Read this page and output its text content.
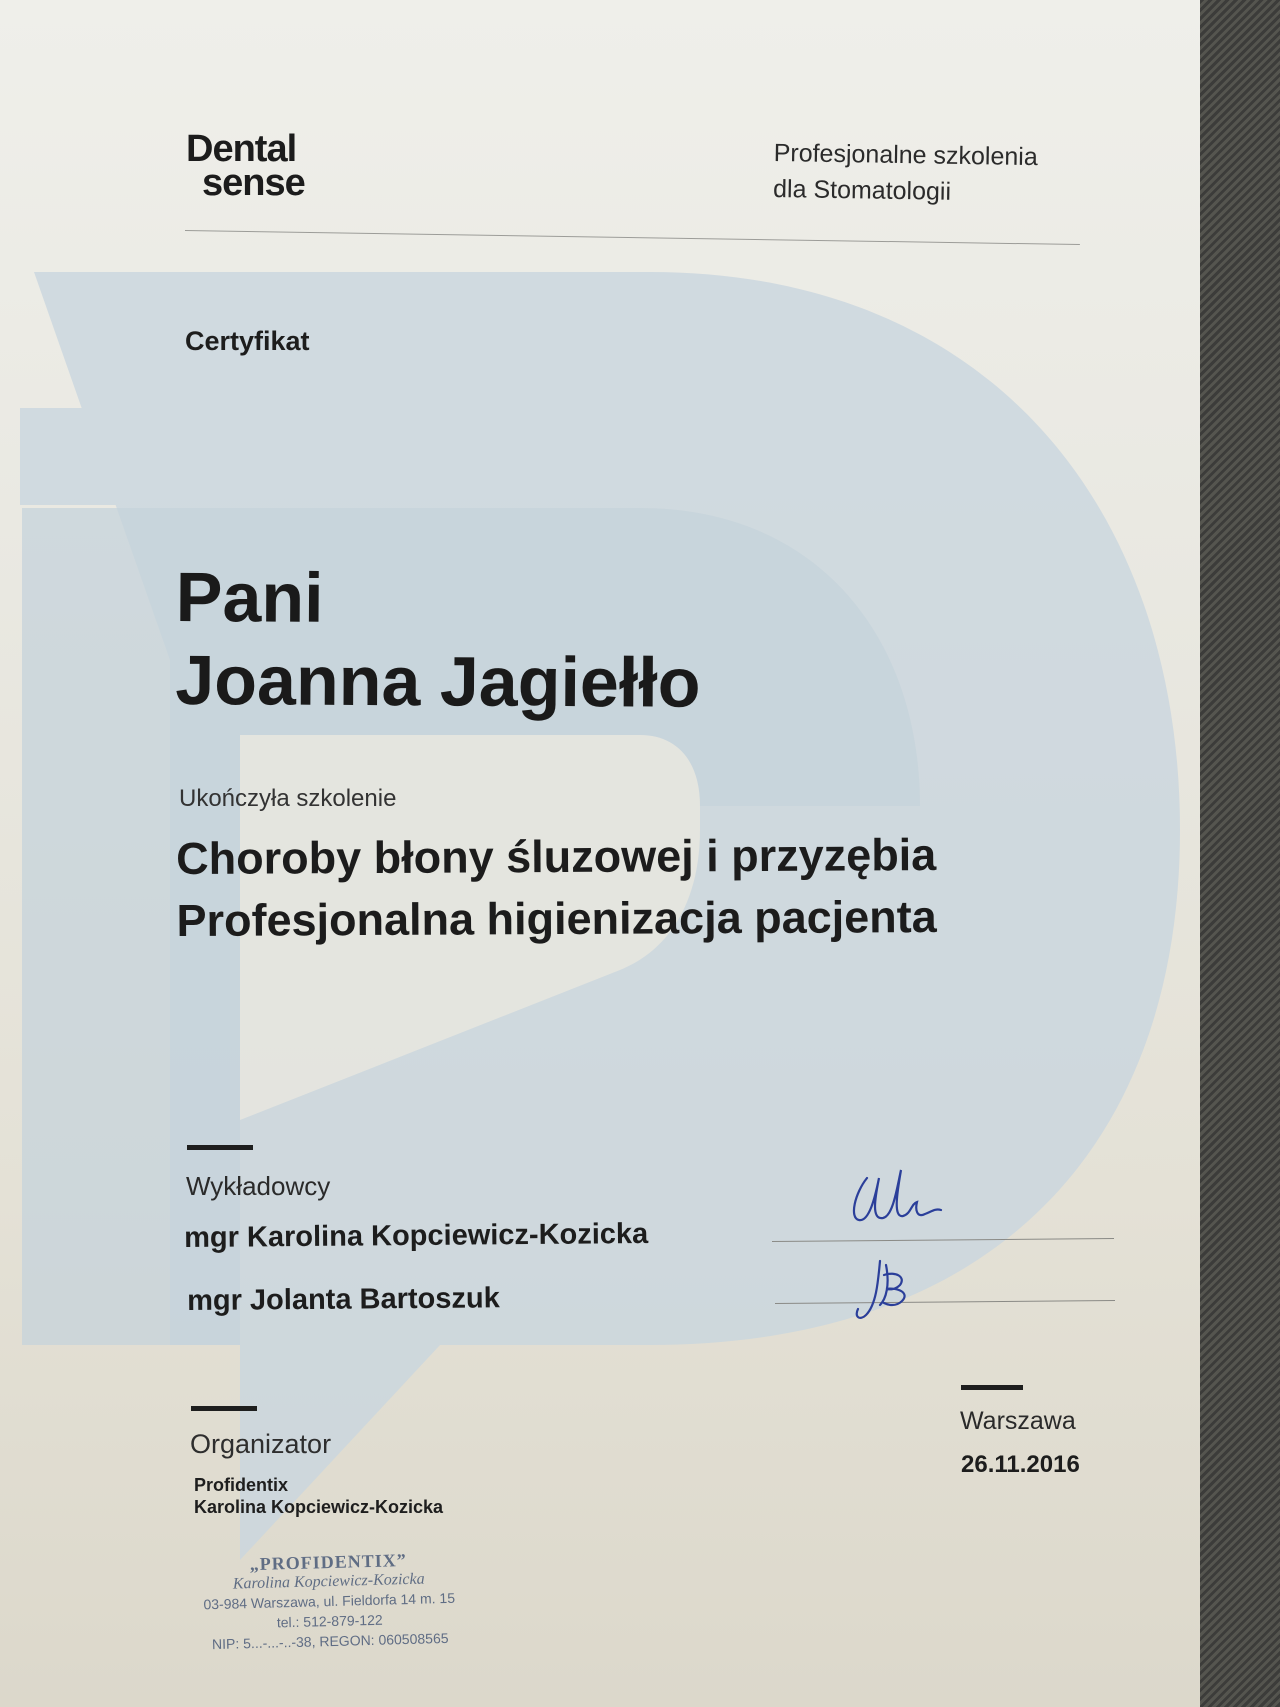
Dental
sense
Profesjonalne szkolenia
dla Stomatologii
Certyfikat
Pani
Joanna Jagiełło
Ukończyła szkolenie
Choroby błony śluzowej i przyzębia
Profesjonalna higienizacja pacjenta
Wykładowcy
mgr Karolina Kopciewicz-Kozicka
mgr Jolanta Bartoszuk
Organizator
Profidentix
Karolina Kopciewicz-Kozicka
Warszawa
26.11.2016
„PROFIDENTIX”
Karolina Kopciewicz-Kozicka
03-984 Warszawa, ul. Fieldorfa 14 m. 15
tel.: 512-879-122
NIP: 5...-...-..-38, REGON: 060508565
